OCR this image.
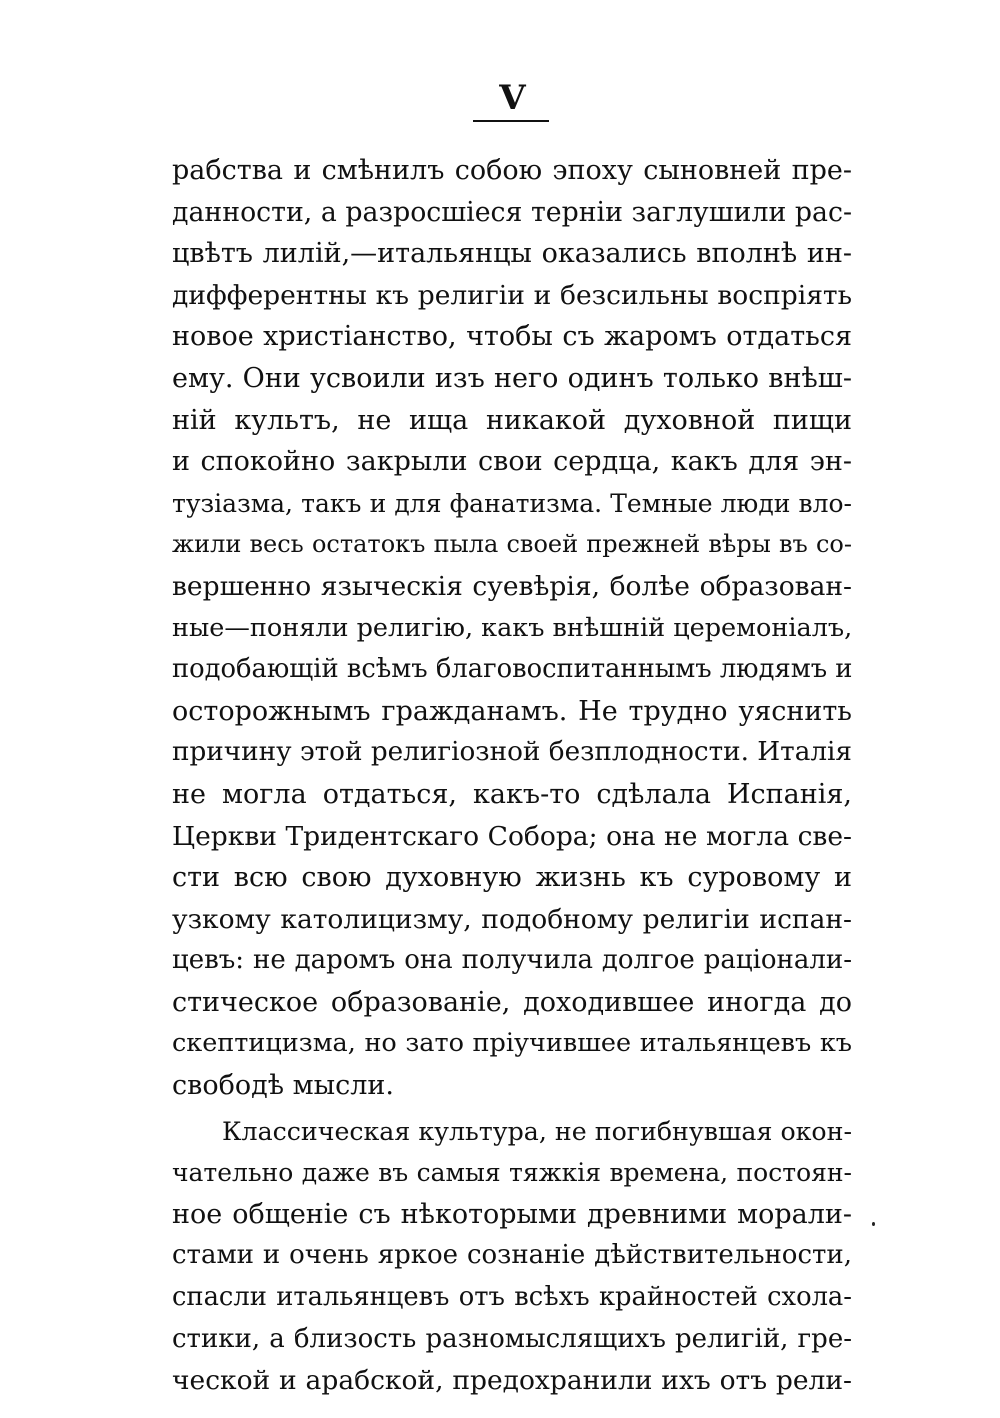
V
рабства и смѣнилъ собою эпоху сыновней пре-
данности, а разросшiеся терніи заглушили рас-
цвѣтъ лилій,—итальянцы оказались вполнѣ ин-
дифферентны къ религіи и безсильны воспріять
новое христіанство, чтобы съ жаромъ отдаться
ему. Они усвоили изъ него одинъ только внѣш-
ній культъ, не ища никакой духовной пищи
и спокойно закрыли свои сердца, какъ для эн-
тузiазма, такъ и для фанатизма. Темные люди вло-
жили весь остатокъ пыла своей прежней вѣры въ со-
вершенно языческія суевѣрія, болѣе образован-
ные—поняли религію, какъ внѣшній церемоніалъ,
подобающій всѣмъ благовоспитаннымъ людямъ и
осторожнымъ гражданамъ. Не трудно уяснить
причину этой религіозной безплодности. Италія
не могла отдаться, какъ-то сдѣлала Испанія,
Церкви Тридентскаго Собора; она не могла све-
сти всю свою духовную жизнь къ суровому и
узкому католицизму, подобному религіи испан-
цевъ: не даромъ она получила долгое раціонали-
стическое образованіе, доходившее иногда до
скептицизма, но зато пріучившее итальянцевъ къ
свободѣ мысли.
Классическая культура, не погибнувшая окон-
чательно даже въ самыя тяжкія времена, постоян-
ное общеніе съ нѣкоторыми древними морали-
стами и очень яркое сознаніе дѣйствительности,
спасли итальянцевъ отъ всѣхъ крайностей схола-
стики, а близость разномыслящихъ религій, гре-
ческой и арабской, предохранили ихъ отъ рели-
